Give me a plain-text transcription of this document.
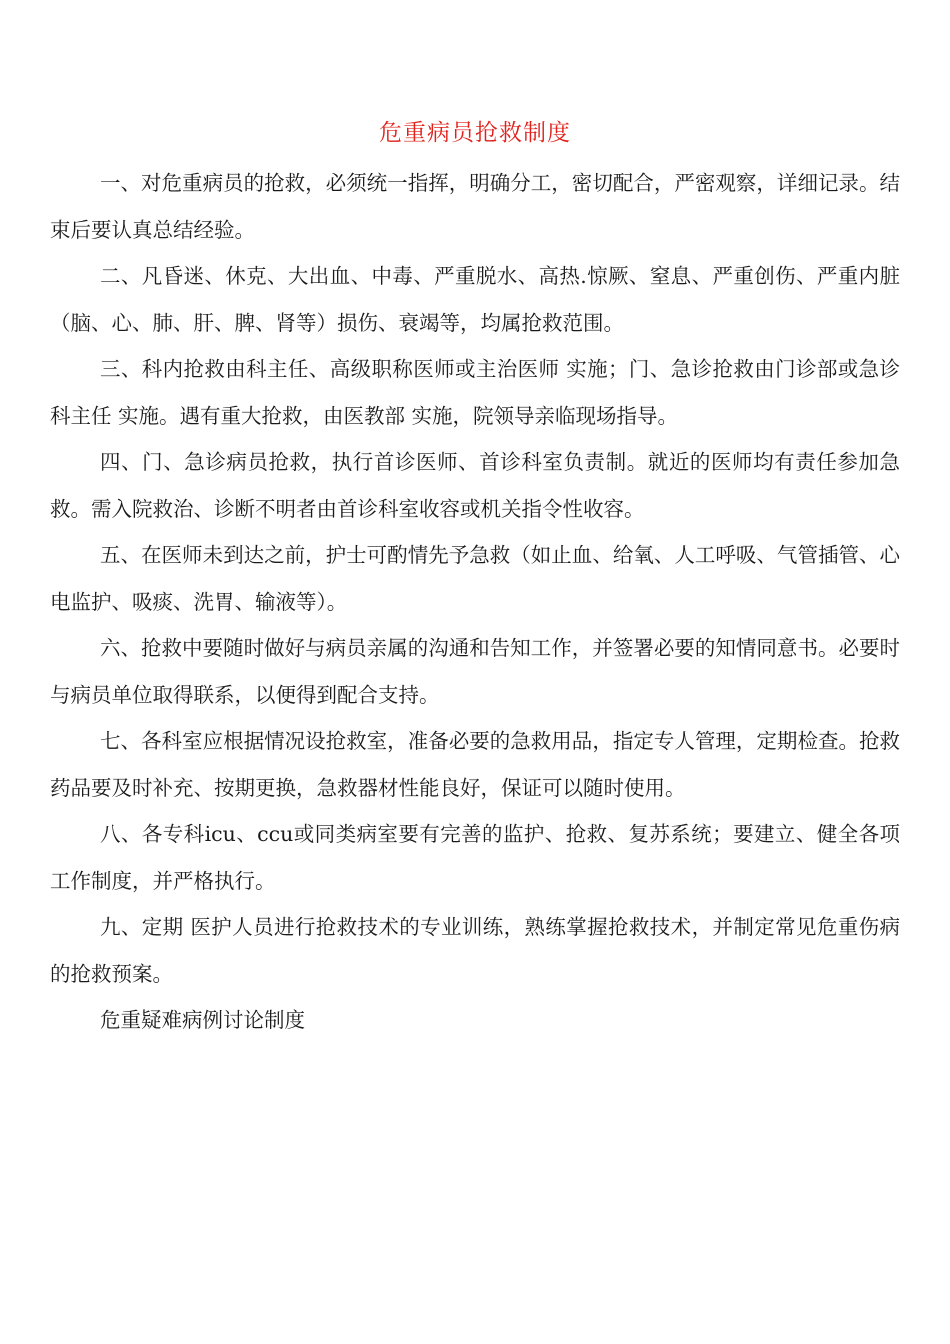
危重病员抢救制度

一、对危重病员的抢救，必须统一指挥，明确分工，密切配合，严密观察，详细记录。结束后要认真总结经验。

二、凡昏迷、休克、大出血、中毒、严重脱水、高热.惊厥、窒息、严重创伤、严重内脏（脑、心、肺、肝、脾、肾等）损伤、衰竭等，均属抢救范围。

三、科内抢救由科主任、高级职称医师或主治医师 实施；门、急诊抢救由门诊部或急诊科主任 实施。遇有重大抢救，由医教部 实施，院领导亲临现场指导。

四、门、急诊病员抢救，执行首诊医师、首诊科室负责制。就近的医师均有责任参加急救。需入院救治、诊断不明者由首诊科室收容或机关指令性收容。

五、在医师未到达之前，护士可酌情先予急救（如止血、给氧、人工呼吸、气管插管、心电监护、吸痰、洗胃、输液等）。

六、抢救中要随时做好与病员亲属的沟通和告知工作，并签署必要的知情同意书。必要时与病员单位取得联系，以便得到配合支持。

七、各科室应根据情况设抢救室，准备必要的急救用品，指定专人管理，定期检查。抢救药品要及时补充、按期更换，急救器材性能良好，保证可以随时使用。

八、各专科icu、ccu或同类病室要有完善的监护、抢救、复苏系统；要建立、健全各项工作制度，并严格执行。

九、定期 医护人员进行抢救技术的专业训练，熟练掌握抢救技术，并制定常见危重伤病的抢救预案。

危重疑难病例讨论制度
